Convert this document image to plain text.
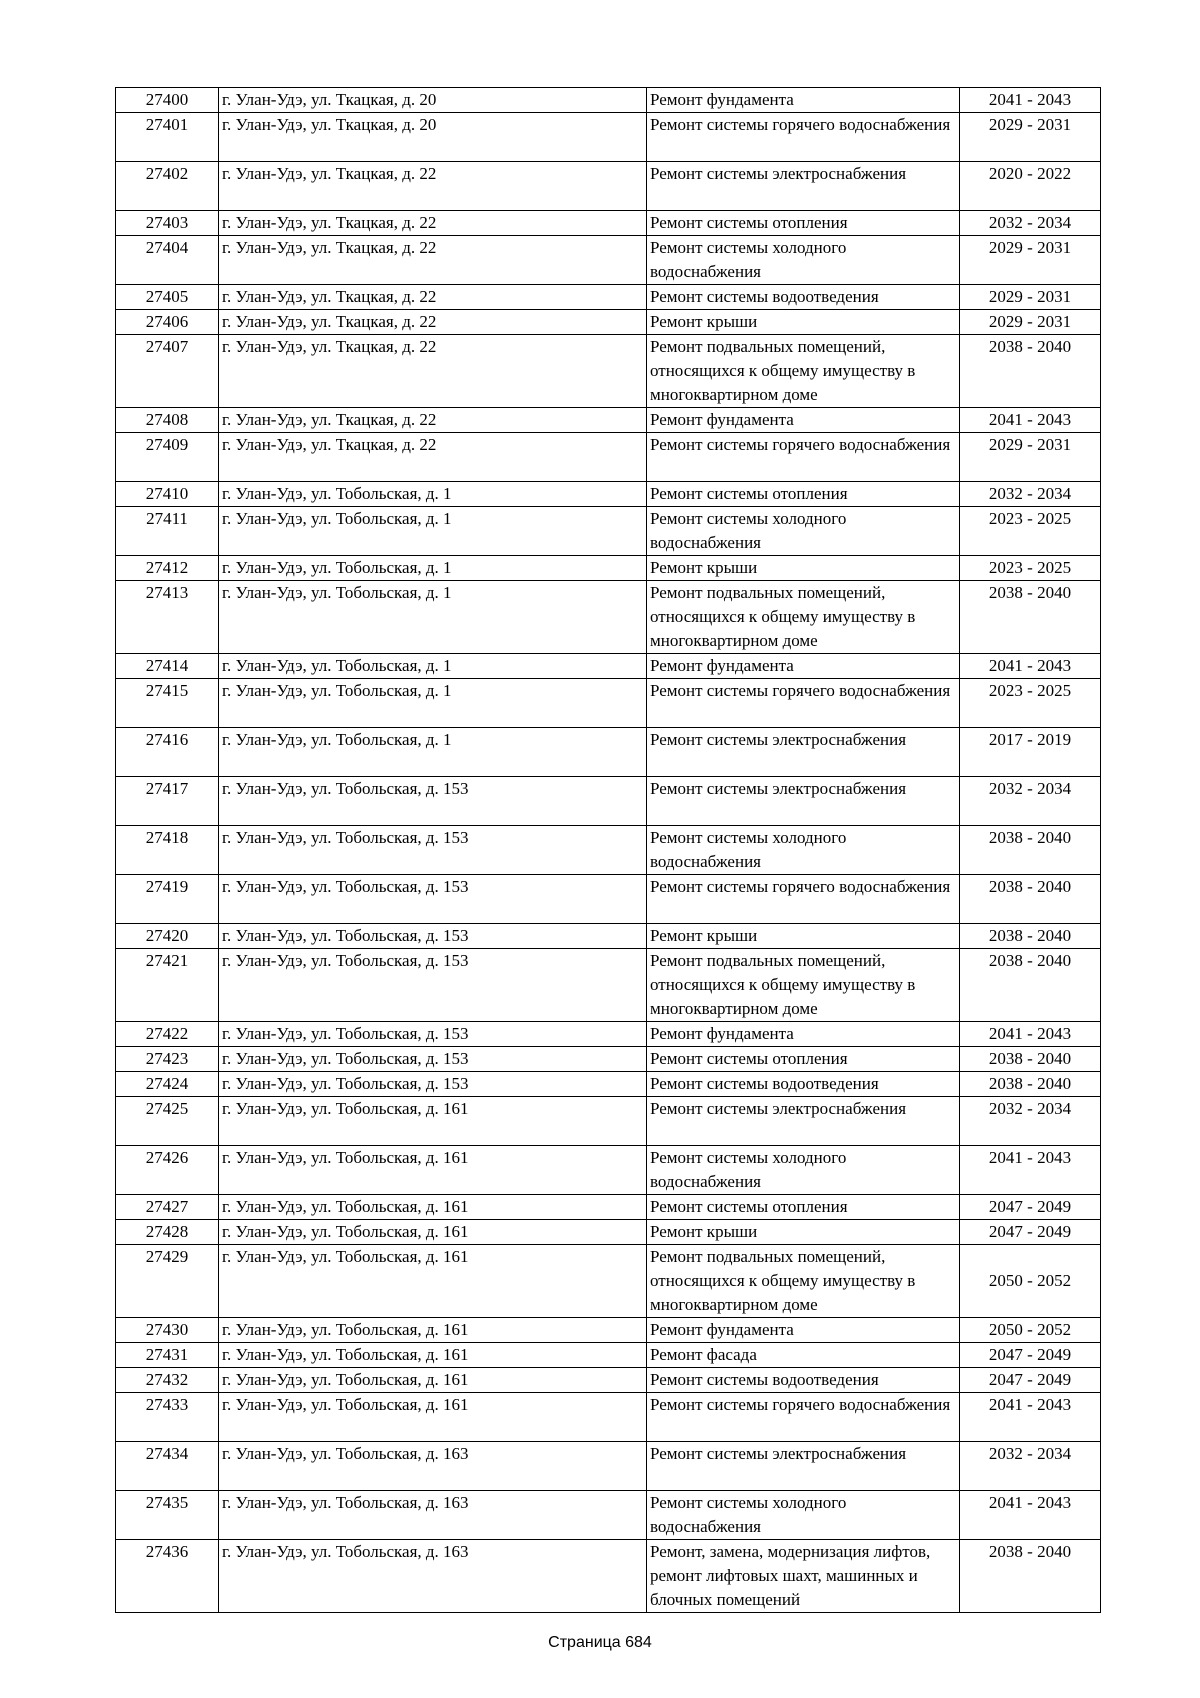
27400	г. Улан-Удэ, ул. Ткацкая, д. 20	Ремонт фундамента	2041 - 2043
27401	г. Улан-Удэ, ул. Ткацкая, д. 20	Ремонт системы горячего водоснабжения	2029 - 2031
27402	г. Улан-Удэ, ул. Ткацкая, д. 22	Ремонт системы электроснабжения	2020 - 2022
27403	г. Улан-Удэ, ул. Ткацкая, д. 22	Ремонт системы отопления	2032 - 2034
27404	г. Улан-Удэ, ул. Ткацкая, д. 22	Ремонт системы холодного водоснабжения	2029 - 2031
27405	г. Улан-Удэ, ул. Ткацкая, д. 22	Ремонт системы водоотведения	2029 - 2031
27406	г. Улан-Удэ, ул. Ткацкая, д. 22	Ремонт крыши	2029 - 2031
27407	г. Улан-Удэ, ул. Ткацкая, д. 22	Ремонт подвальных помещений, относящихся к общему имуществу в многоквартирном доме	2038 - 2040
27408	г. Улан-Удэ, ул. Ткацкая, д. 22	Ремонт фундамента	2041 - 2043
27409	г. Улан-Удэ, ул. Ткацкая, д. 22	Ремонт системы горячего водоснабжения	2029 - 2031
27410	г. Улан-Удэ, ул. Тобольская, д. 1	Ремонт системы отопления	2032 - 2034
27411	г. Улан-Удэ, ул. Тобольская, д. 1	Ремонт системы холодного водоснабжения	2023 - 2025
27412	г. Улан-Удэ, ул. Тобольская, д. 1	Ремонт крыши	2023 - 2025
27413	г. Улан-Удэ, ул. Тобольская, д. 1	Ремонт подвальных помещений, относящихся к общему имуществу в многоквартирном доме	2038 - 2040
27414	г. Улан-Удэ, ул. Тобольская, д. 1	Ремонт фундамента	2041 - 2043
27415	г. Улан-Удэ, ул. Тобольская, д. 1	Ремонт системы горячего водоснабжения	2023 - 2025
27416	г. Улан-Удэ, ул. Тобольская, д. 1	Ремонт системы электроснабжения	2017 - 2019
27417	г. Улан-Удэ, ул. Тобольская, д. 153	Ремонт системы электроснабжения	2032 - 2034
27418	г. Улан-Удэ, ул. Тобольская, д. 153	Ремонт системы холодного водоснабжения	2038 - 2040
27419	г. Улан-Удэ, ул. Тобольская, д. 153	Ремонт системы горячего водоснабжения	2038 - 2040
27420	г. Улан-Удэ, ул. Тобольская, д. 153	Ремонт крыши	2038 - 2040
27421	г. Улан-Удэ, ул. Тобольская, д. 153	Ремонт подвальных помещений, относящихся к общему имуществу в многоквартирном доме	2038 - 2040
27422	г. Улан-Удэ, ул. Тобольская, д. 153	Ремонт фундамента	2041 - 2043
27423	г. Улан-Удэ, ул. Тобольская, д. 153	Ремонт системы отопления	2038 - 2040
27424	г. Улан-Удэ, ул. Тобольская, д. 153	Ремонт системы водоотведения	2038 - 2040
27425	г. Улан-Удэ, ул. Тобольская, д. 161	Ремонт системы электроснабжения	2032 - 2034
27426	г. Улан-Удэ, ул. Тобольская, д. 161	Ремонт системы холодного водоснабжения	2041 - 2043
27427	г. Улан-Удэ, ул. Тобольская, д. 161	Ремонт системы отопления	2047 - 2049
27428	г. Улан-Удэ, ул. Тобольская, д. 161	Ремонт крыши	2047 - 2049
27429	г. Улан-Удэ, ул. Тобольская, д. 161	Ремонт подвальных помещений, относящихся к общему имуществу в многоквартирном доме	2050 - 2052
27430	г. Улан-Удэ, ул. Тобольская, д. 161	Ремонт фундамента	2050 - 2052
27431	г. Улан-Удэ, ул. Тобольская, д. 161	Ремонт фасада	2047 - 2049
27432	г. Улан-Удэ, ул. Тобольская, д. 161	Ремонт системы водоотведения	2047 - 2049
27433	г. Улан-Удэ, ул. Тобольская, д. 161	Ремонт системы горячего водоснабжения	2041 - 2043
27434	г. Улан-Удэ, ул. Тобольская, д. 163	Ремонт системы электроснабжения	2032 - 2034
27435	г. Улан-Удэ, ул. Тобольская, д. 163	Ремонт системы холодного водоснабжения	2041 - 2043
27436	г. Улан-Удэ, ул. Тобольская, д. 163	Ремонт, замена, модернизация лифтов, ремонт лифтовых шахт, машинных и блочных помещений	2038 - 2040
Страница 684
